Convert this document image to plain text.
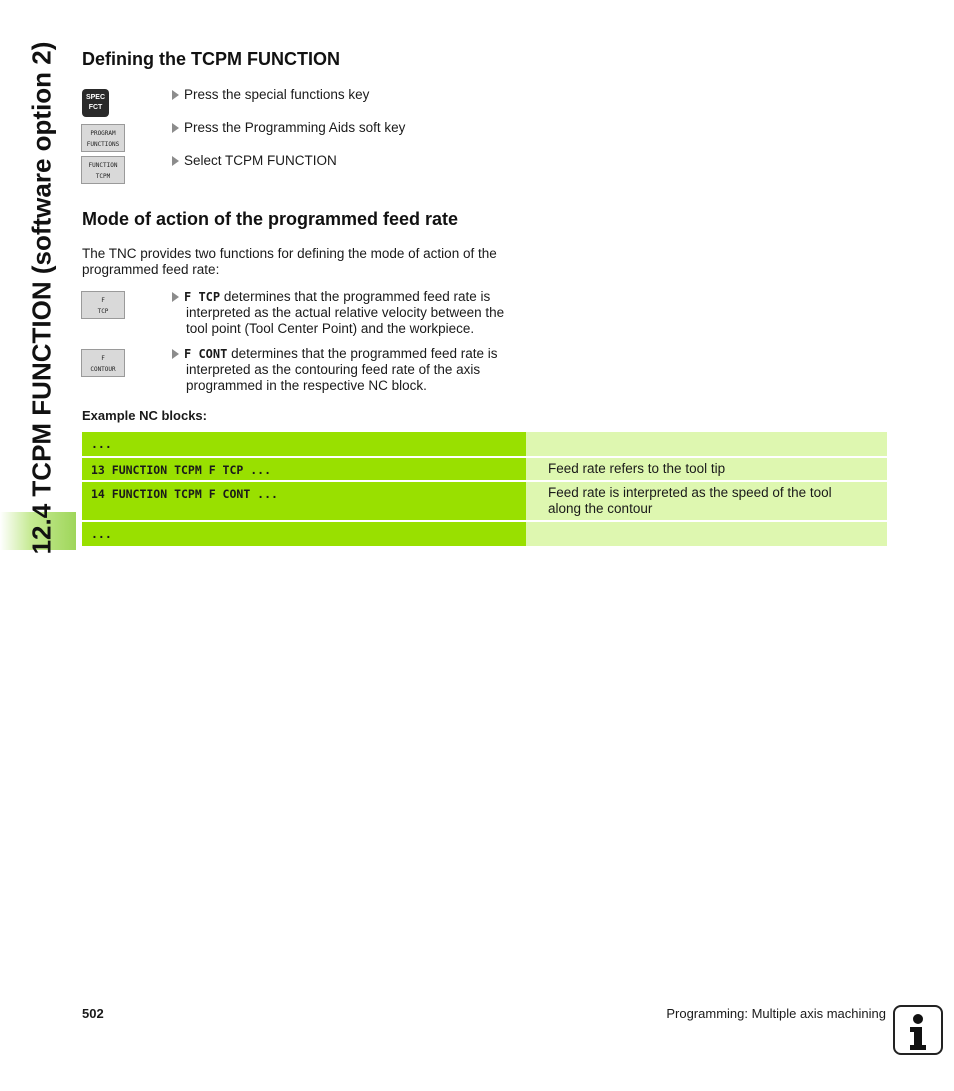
12.4 TCPM FUNCTION (software option 2) Defining the TCPM FUNCTION
SPEC
FCT
Press the special functions key
PROGRAM
FUNCTIONS
Press the Programming Aids soft key
FUNCTION
TCPM
Select TCPM FUNCTION
Mode of action of the programmed feed rate
The TNC provides two functions for defining the mode of action of the programmed feed rate:
F
TCP
F TCP determines that the programmed feed rate is
interpreted as the actual relative velocity between the tool point (Tool Center Point) and the workpiece.
F
CONTOUR
F CONT determines that the programmed feed rate is
interpreted as the contouring feed rate of the axis programmed in the respective NC block.
Example NC blocks:
...
13 FUNCTION TCPM F TCP ...	Feed rate refers to the tool tip
14 FUNCTION TCPM F CONT ...	Feed rate is interpreted as the speed of the tool along the contour
...
502	Programming: Multiple axis machining
